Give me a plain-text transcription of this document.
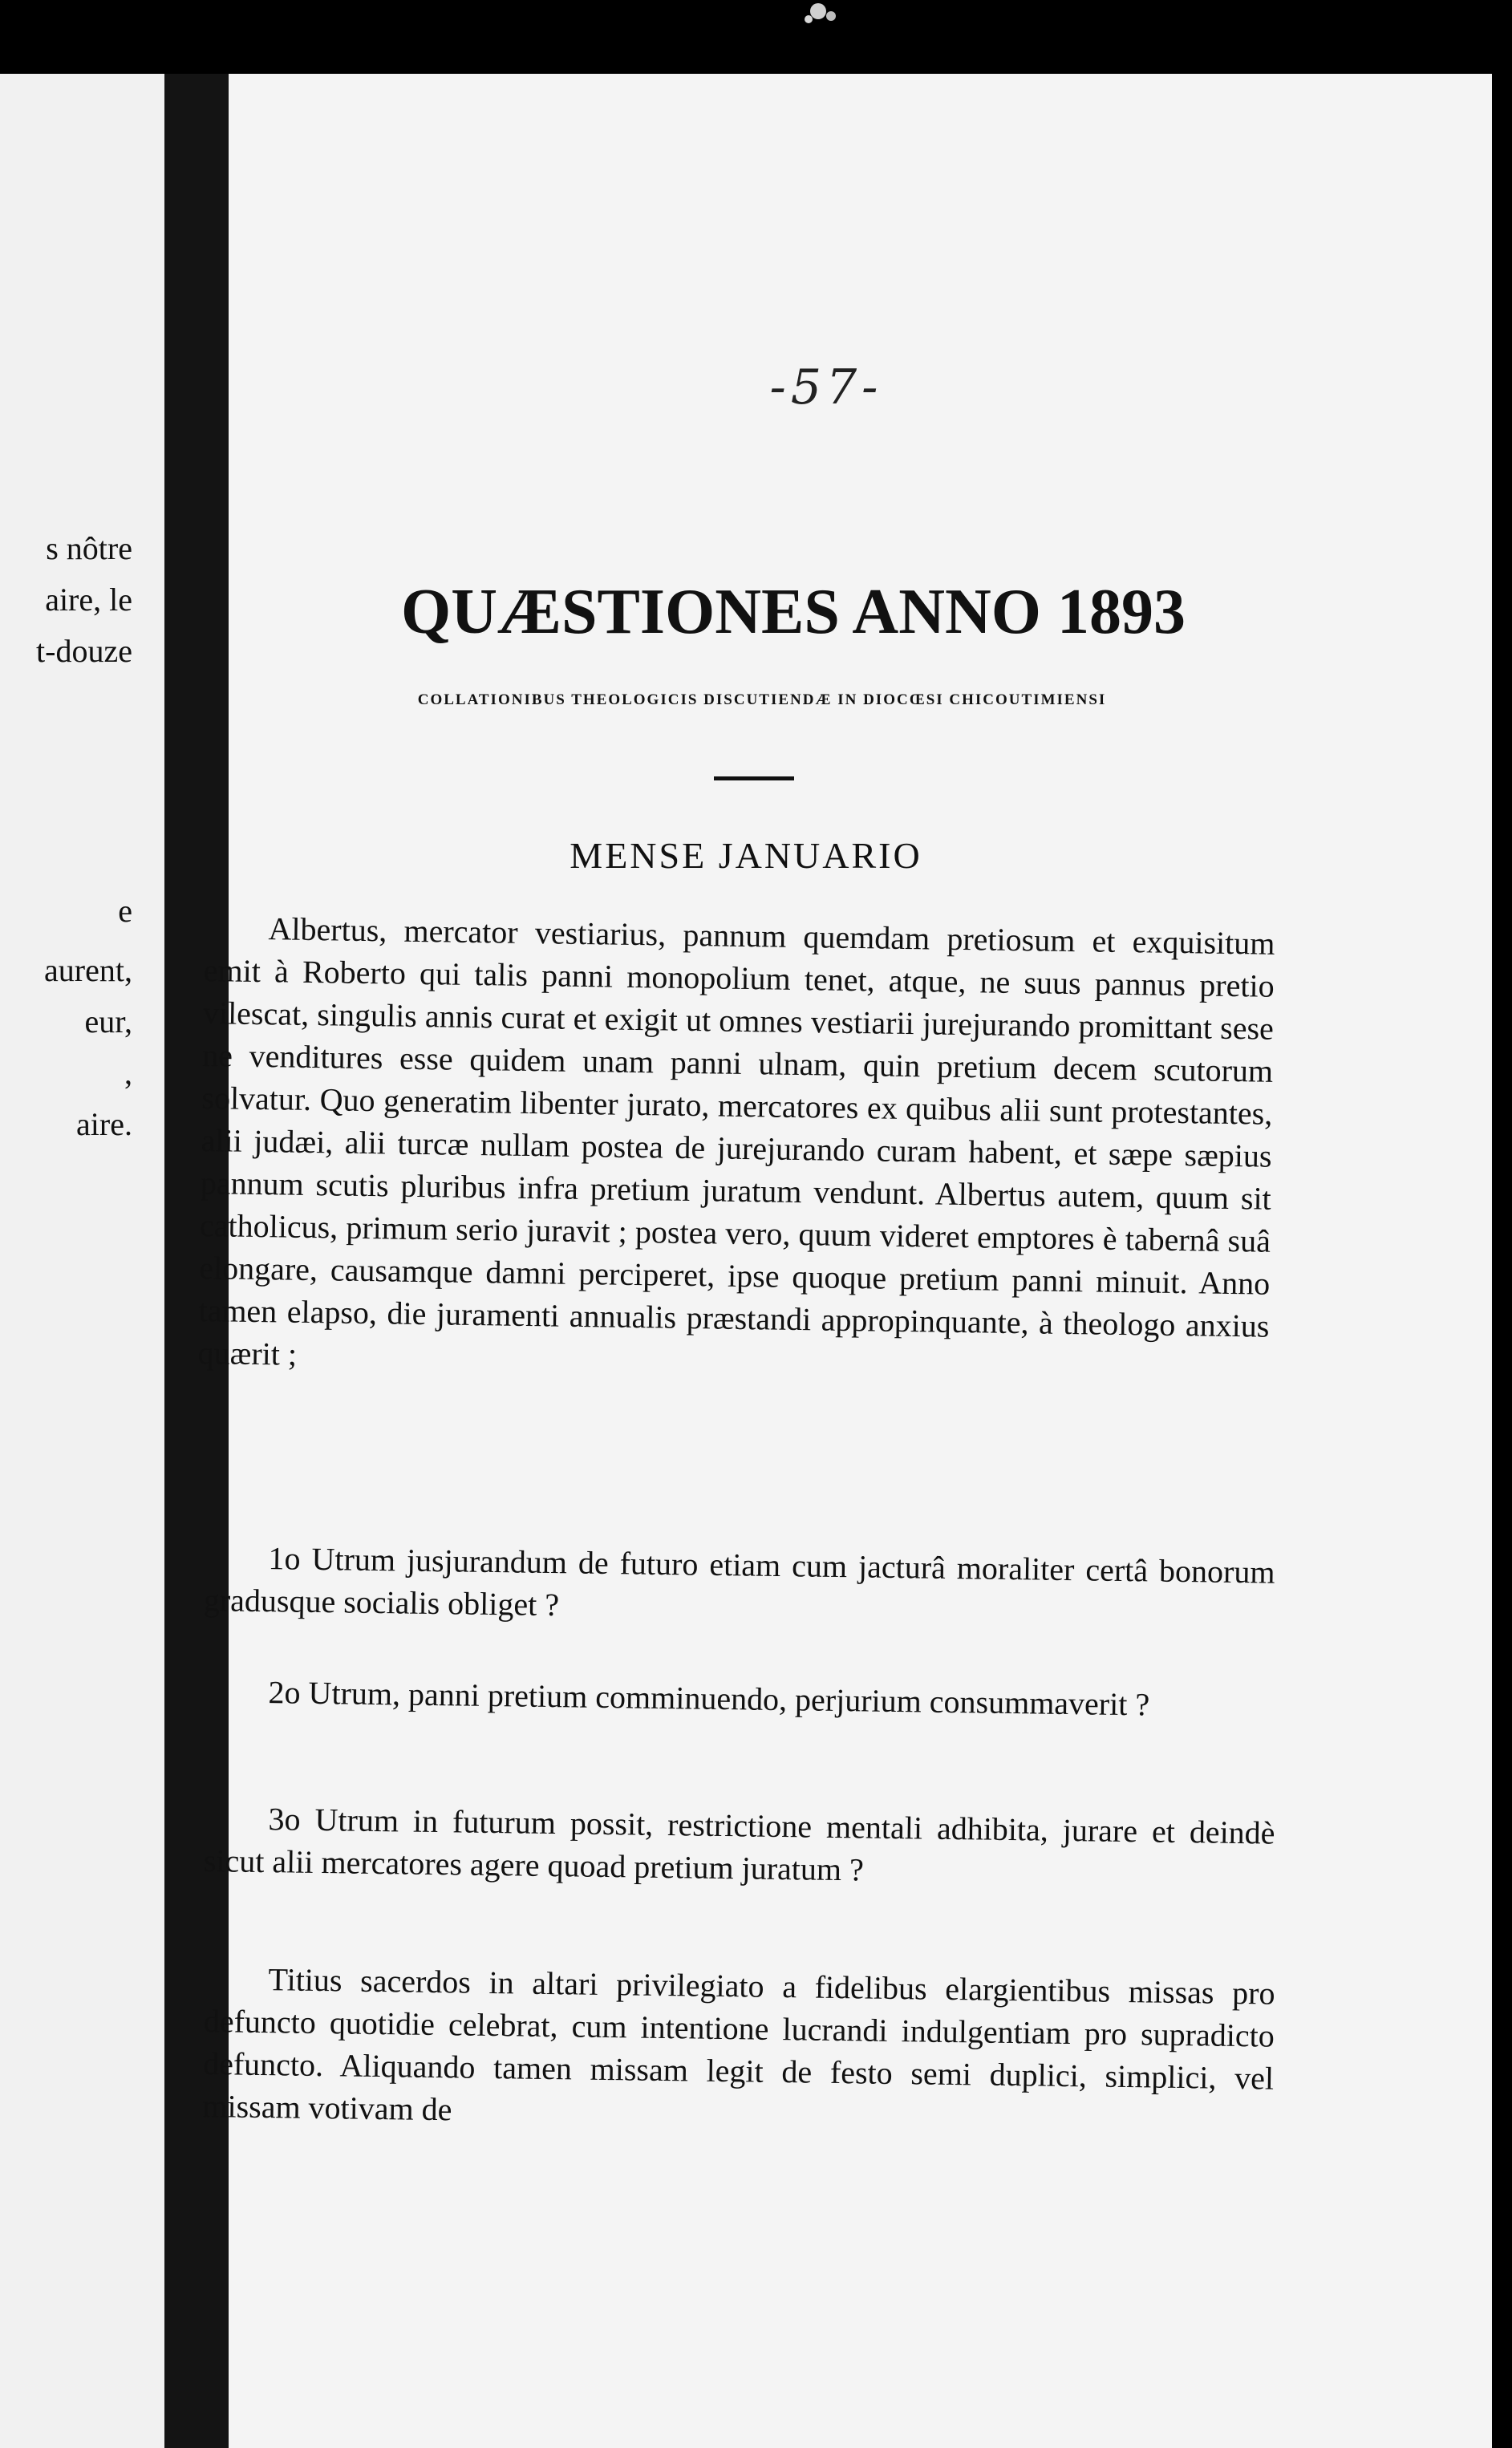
s nôtre
aire, le
t-douze
e
aurent,
eur,
,
aire.
-57-
QUÆSTIONES ANNO 1893
COLLATIONIBUS THEOLOGICIS DISCUTIENDÆ IN DIOCŒSI CHICOUTIMIENSI
MENSE JANUARIO

Albertus, mercator vestiarius, pannum quemdam pretiosum et exquisitum emit à Roberto qui talis panni monopolium tenet, atque, ne suus pannus pretio vilescat, singulis annis curat et exigit ut omnes vestiarii jurejurando promittant sese ne venditures esse quidem unam panni ulnam, quin pretium decem scutorum solvatur. Quo generatim libenter jurato, mercatores ex quibus alii sunt protestantes, alii judæi, alii turcæ nullam postea de jurejurando curam habent, et sæpe sæpius pannum scutis pluribus infra pretium juratum vendunt. Albertus autem, quum sit catholicus, primum serio juravit ; postea vero, quum videret emptores è tabernâ suâ elongare, causamque damni perciperet, ipse quoque pretium panni minuit. Anno tamen elapso, die juramenti annualis præstandi appropinquante, à theologo anxius quærit ;

1o Utrum jusjurandum de futuro etiam cum jacturâ moraliter certâ bonorum gradusque socialis obliget ?

2o Utrum, panni pretium comminuendo, perjurium consummaverit ?

3o Utrum in futurum possit, restrictione mentali adhibita, jurare et deindè sicut alii mercatores agere quoad pretium juratum ?

Titius sacerdos in altari privilegiato a fidelibus elargientibus missas pro defuncto quotidie celebrat, cum intentione lucrandi indulgentiam pro supradicto defuncto. Aliquando tamen missam legit de festo semi duplici, simplici, vel missam votivam de
